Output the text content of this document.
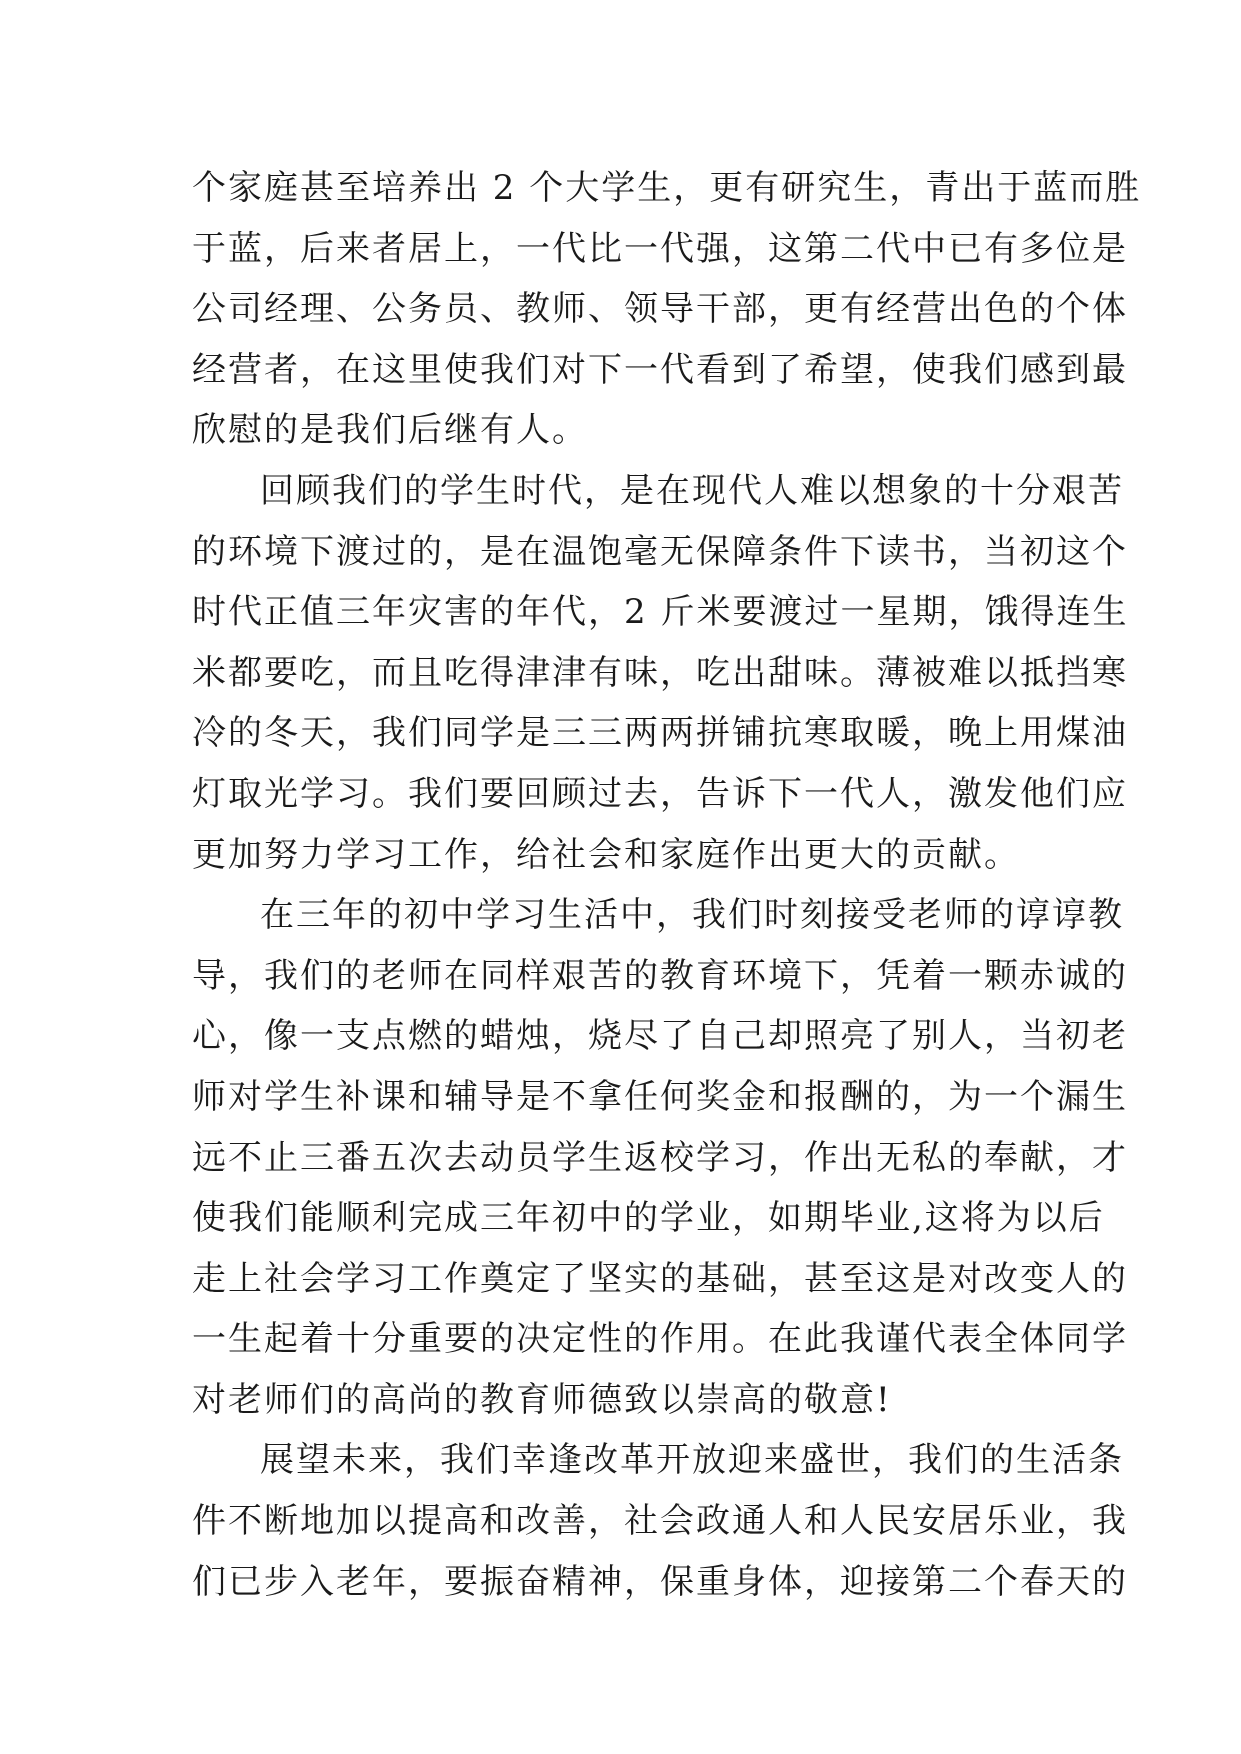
个家庭甚至培养出 2 个大学生，更有研究生，青出于蓝而胜
于蓝，后来者居上，一代比一代强，这第二代中已有多位是
公司经理、公务员、教师、领导干部，更有经营出色的个体
经营者，在这里使我们对下一代看到了希望，使我们感到最
欣慰的是我们后继有人。
回顾我们的学生时代，是在现代人难以想象的十分艰苦
的环境下渡过的，是在温饱毫无保障条件下读书，当初这个
时代正值三年灾害的年代，2 斤米要渡过一星期，饿得连生
米都要吃，而且吃得津津有味，吃出甜味。薄被难以抵挡寒
冷的冬天，我们同学是三三两两拼铺抗寒取暖，晚上用煤油
灯取光学习。我们要回顾过去，告诉下一代人，激发他们应
更加努力学习工作，给社会和家庭作出更大的贡献。
在三年的初中学习生活中，我们时刻接受老师的谆谆教
导，我们的老师在同样艰苦的教育环境下，凭着一颗赤诚的
心，像一支点燃的蜡烛，烧尽了自己却照亮了别人，当初老
师对学生补课和辅导是不拿任何奖金和报酬的，为一个漏生
远不止三番五次去动员学生返校学习，作出无私的奉献，才
使我们能顺利完成三年初中的学业，如期毕业,这将为以后
走上社会学习工作奠定了坚实的基础，甚至这是对改变人的
一生起着十分重要的决定性的作用。在此我谨代表全体同学
对老师们的高尚的教育师德致以崇高的敬意!
展望未来，我们幸逢改革开放迎来盛世，我们的生活条
件不断地加以提高和改善，社会政通人和人民安居乐业，我
们已步入老年，要振奋精神，保重身体，迎接第二个春天的
